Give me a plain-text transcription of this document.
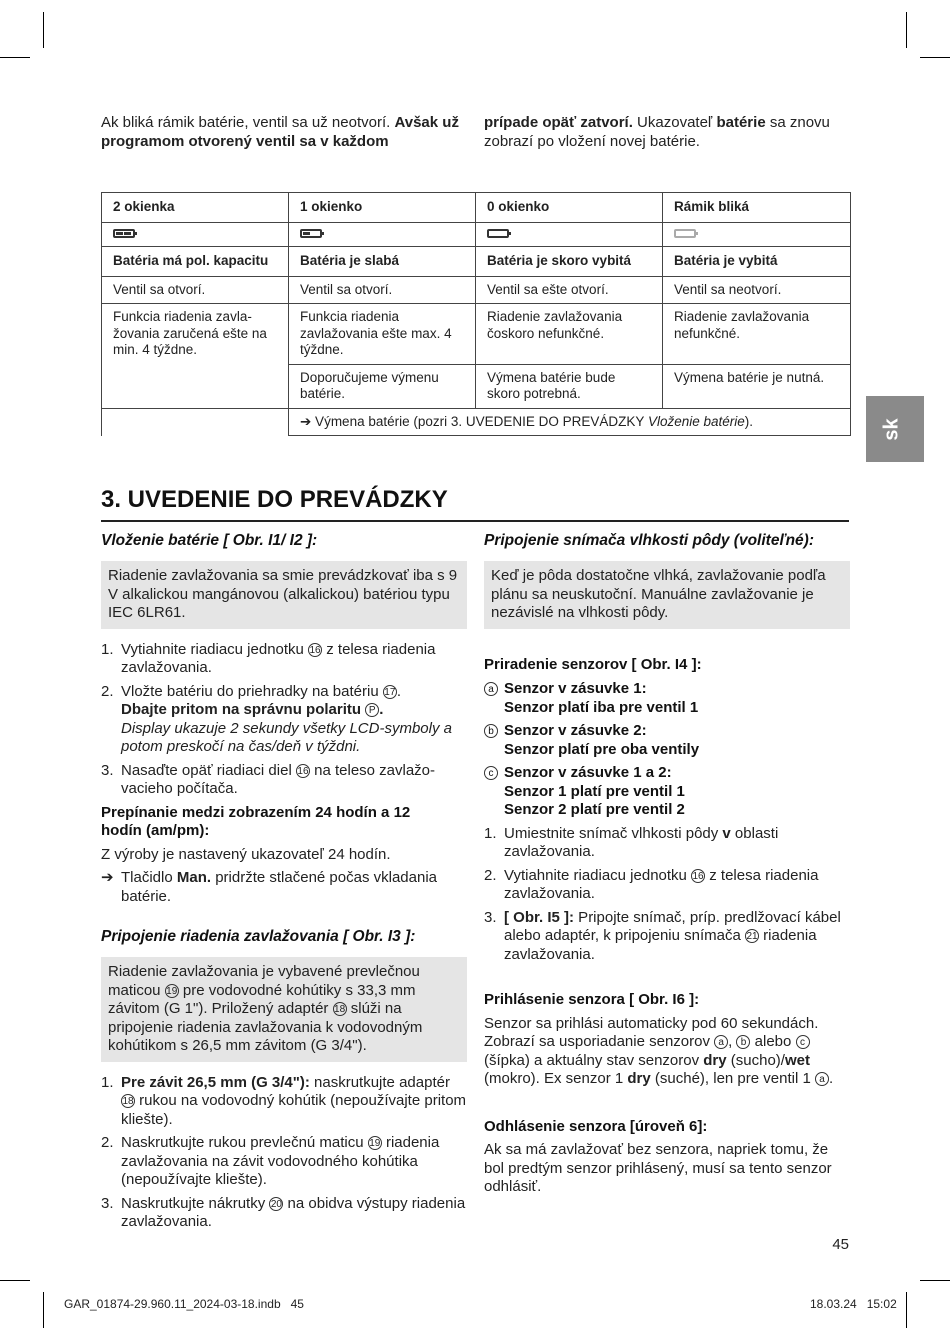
Ak bliká rámik batérie, ventil sa už neotvorí. Avšak už programom otvorený ventil sa v každom
prípade opäť zatvorí. Ukazovateľ batérie sa znovu zobrazí po vložení novej batérie.
2 okienka	1 okienko	0 okienko	Rámik bliká

Batéria má pol. kapacitu	Batéria je slabá	Batéria je skoro vybitá	Batéria je vybitá
Ventil sa otvorí.	Ventil sa otvorí.	Ventil sa ešte otvorí.	Ventil sa neotvorí.
Funkcia riadenia zavlažovania zaručená ešte na min. 4 týždne.	Funkcia riadenia zavlažovania ešte max. 4 týždne.	Riadenie zavlažovania čoskoro nefunkčné.	Riadenie zavlažovania nefunkčné.
	Doporučujeme výmenu batérie.	Výmena batérie bude skoro potrebná.	Výmena batérie je nutná.
	➔ Výmena batérie (pozri 3. UVEDENIE DO PREVÁDZKY Vloženie batérie).			sk
3. UVEDENIE DO PREVÁDZKY
Vloženie batérie [ Obr. I1/ I2 ]:
Riadenie zavlažovania sa smie prevádzkovať iba s 9 V alkalickou mangánovou (alkalickou) batériou typu IEC 6LR61.
1. Vytiahnite riadiacu jednotku 16 z telesa riadenia zavlažovania.
2. Vložte batériu do priehradky na batériu 17.
Dbajte pritom na správnu polaritu P .
Display ukazuje 2 sekundy všetky LCD-symboly a potom preskočí na čas/deň v týždni.
3. Nasaďte opäť riadiaci diel 16 na teleso zavlažovacieho počítača.
Prepínanie medzi zobrazením 24 hodín a 12 hodín (am/pm):
Z výroby je nastavený ukazovateľ 24 hodín.
➔ Tlačidlo Man. pridržte stlačené počas vkladania batérie.
Pripojenie riadenia zavlažovania [ Obr. I3 ]:
Riadenie zavlažovania je vybavené prevlečnou maticou 19 pre vodovodné kohútiky s 33,3 mm závitom (G 1"). Priložený adaptér 18 slúži na pripojenie riadenia zavlažovania k vodovodným kohútikom s 26,5 mm závitom (G 3/4").
1. Pre závit 26,5 mm (G 3/4"): naskrutkujte adaptér 18 rukou na vodovodný kohútik (nepoužívajte pritom kliešte).
2. Naskrutkujte rukou prevlečnú maticu 19 riadenia zavlažovania na závit vodovodného kohútika (nepoužívajte kliešte).
3. Naskrutkujte nákrutky 20 na obidva výstupy riadenia zavlažovania.
Pripojenie snímača vlhkosti pôdy (voliteľné):
Keď je pôda dostatočne vlhká, zavlažovanie podľa plánu sa neuskutoční. Manuálne zavlažovanie je nezávislé na vlhkosti pôdy.
Priradenie senzorov [ Obr. I4 ]:
a Senzor v zásuvke 1:
Senzor platí iba pre ventil 1
b Senzor v zásuvke 2:
Senzor platí pre oba ventily
c Senzor v zásuvke 1 a 2:
Senzor 1 platí pre ventil 1
Senzor 2 platí pre ventil 2
1. Umiestnite snímač vlhkosti pôdy v oblasti zavlažovania.
2. Vytiahnite riadiacu jednotku 16 z telesa riadenia zavlažovania.
3. [ Obr. I5 ]: Pripojte snímač, príp. predlžovací kábel alebo adaptér, k pripojeniu snímača 21 riadenia zavlažovania.
Prihlásenie senzora [ Obr. I6 ]:
Senzor sa prihlási automaticky pod 60 sekundách. Zobrazí sa usporiadanie senzorov a , b alebo c (šípka) a aktuálny stav senzorov dry (sucho)/wet (mokro). Ex senzor 1 dry (suché), len pre ventil 1 a .
Odhlásenie senzora [úroveň 6]:
Ak sa má zavlažovať bez senzora, napriek tomu, že bol predtým senzor prihlásený, musí sa tento senzor odhlásiť.
45
GAR_01874-29.960.11_2024-03-18.indb   45	18.03.24   15:02
